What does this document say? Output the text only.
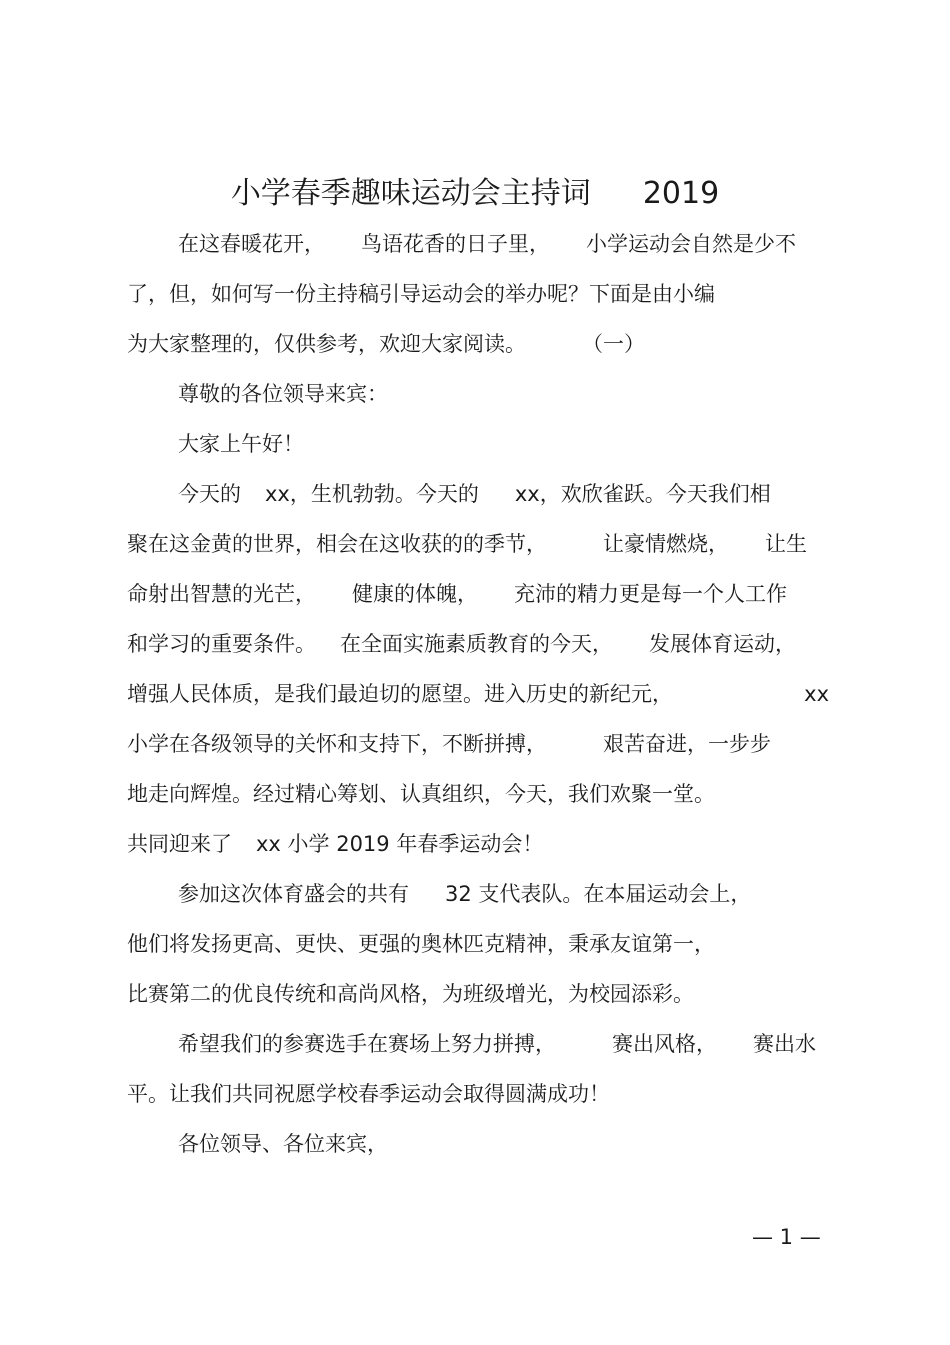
小学春季趣味运动会主持词 2019
在这春暖花开， 鸟语花香的日子里， 小学运动会自然是少不
了，但，如何写一份主持稿引导运动会的举办呢？下面是由小编
为大家整理的，仅供参考，欢迎大家阅读。	（一）
尊敬的各位领导来宾：
大家上午好！
今天的 xx，生机勃勃。今天的 xx，欢欣雀跃。今天我们相
聚在这金黄的世界，相会在这收获的的季节，	让豪情燃烧， 让生
命射出智慧的光芒， 健康的体魄， 充沛的精力更是每一个人工作
和学习的重要条件。 在全面实施素质教育的今天， 发展体育运动，
增强人民体质，是我们最迫切的愿望。进入历史的新纪元，	xx
小学在各级领导的关怀和支持下，不断拼搏，	艰苦奋进，一步步
地走向辉煌。经过精心筹划、认真组织，今天，我们欢聚一堂。
共同迎来了 xx 小学 2019 年春季运动会！
参加这次体育盛会的共有 32 支代表队。在本届运动会上，
他们将发扬更高、更快、更强的奥林匹克精神，秉承友谊第一，
比赛第二的优良传统和高尚风格，为班级增光，为校园添彩。
希望我们的参赛选手在赛场上努力拼搏，	赛出风格， 赛出水
平。让我们共同祝愿学校春季运动会取得圆满成功！
各位领导、各位来宾，
— 1 —
